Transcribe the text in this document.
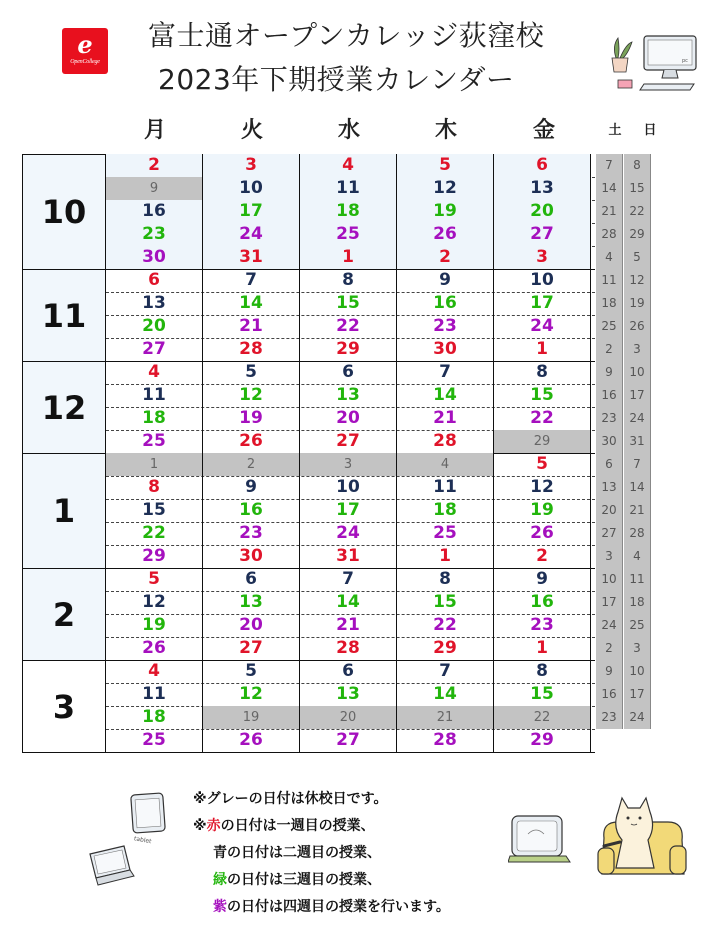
e
OpenCollege
富士通オープンカレッジ荻窪校
2023年下期授業カレンダー
pc
月	火	水	木	金	土	日
10
2	3	4	5	6	7	8
9	10	11	12	13	14	15
16	17	18	19	20	21	22
23	24	25	26	27	28	29
30	31	1	2	3	4	5
11
6	7	8	9	10	11	12
13	14	15	16	17	18	19
20	21	22	23	24	25	26
27	28	29	30	1	2	3
12
4	5	6	7	8	9	10
11	12	13	14	15	16	17
18	19	20	21	22	23	24
25	26	27	28	29	30	31
1
1	2	3	4	5	6	7
8	9	10	11	12	13	14
15	16	17	18	19	20	21
22	23	24	25	26	27	28
29	30	31	1	2	3	4
2
5	6	7	8	9	10	11
12	13	14	15	16	17	18
19	20	21	22	23	24	25
26	27	28	29	1	2	3
3
4	5	6	7	8	9	10
11	12	13	14	15	16	17
18	19	20	21	22	23	24
25	26	27	28	29
※グレーの日付は休校日です。
※赤の日付は一週目の授業、
青の日付は二週目の授業、
緑の日付は三週目の授業、
紫の日付は四週目の授業を行います。
tablet
